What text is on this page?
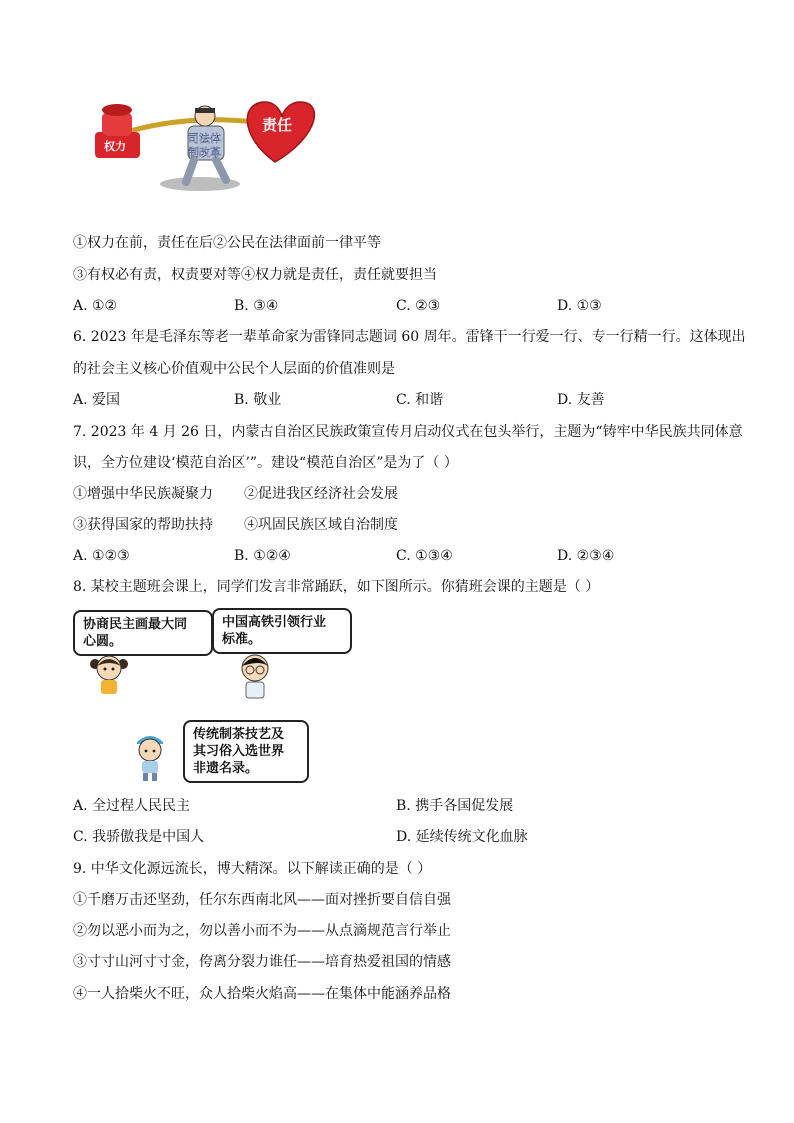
权力
司法体
制改革
责任
①权力在前，责任在后②公民在法律面前一律平等
③有权必有责，权责要对等④权力就是责任，责任就要担当
A. ①②	B. ③④	C. ②③	D. ①③
6. 2023 年是毛泽东等老一辈革命家为雷锋同志题词 60 周年。雷锋干一行爱一行、专一行精一行。这体现出
的社会主义核心价值观中公民个人层面的价值准则是
A. 爱国	B. 敬业	C. 和谐	D. 友善
7. 2023 年 4 月 26 日，内蒙古自治区民族政策宣传月启动仪式在包头举行，主题为“铸牢中华民族共同体意
识，全方位建设‘模范自治区’”。建设“模范自治区”是为了（ ）
①增强中华民族凝聚力 ②促进我区经济社会发展
③获得国家的帮助扶持 ④巩固民族区域自治制度
A. ①②③	B. ①②④	C. ①③④	D. ②③④
8. 某校主题班会课上，同学们发言非常踊跃，如下图所示。你猜班会课的主题是（ ）
协商民主画最大同
心圆。
中国高铁引领行业
标准。
传统制茶技艺及
其习俗入选世界
非遗名录。
A. 全过程人民民主	B. 携手各国促发展
C. 我骄傲我是中国人	D. 延续传统文化血脉
9. 中华文化源远流长，博大精深。以下解读正确的是（ ）
①千磨万击还坚劲，任尔东西南北风——面对挫折要自信自强
②勿以恶小而为之，勿以善小而不为——从点滴规范言行举止
③寸寸山河寸寸金，侉离分裂力谁任——培育热爱祖国的情感
④一人拾柴火不旺，众人拾柴火焰高——在集体中能涵养品格
